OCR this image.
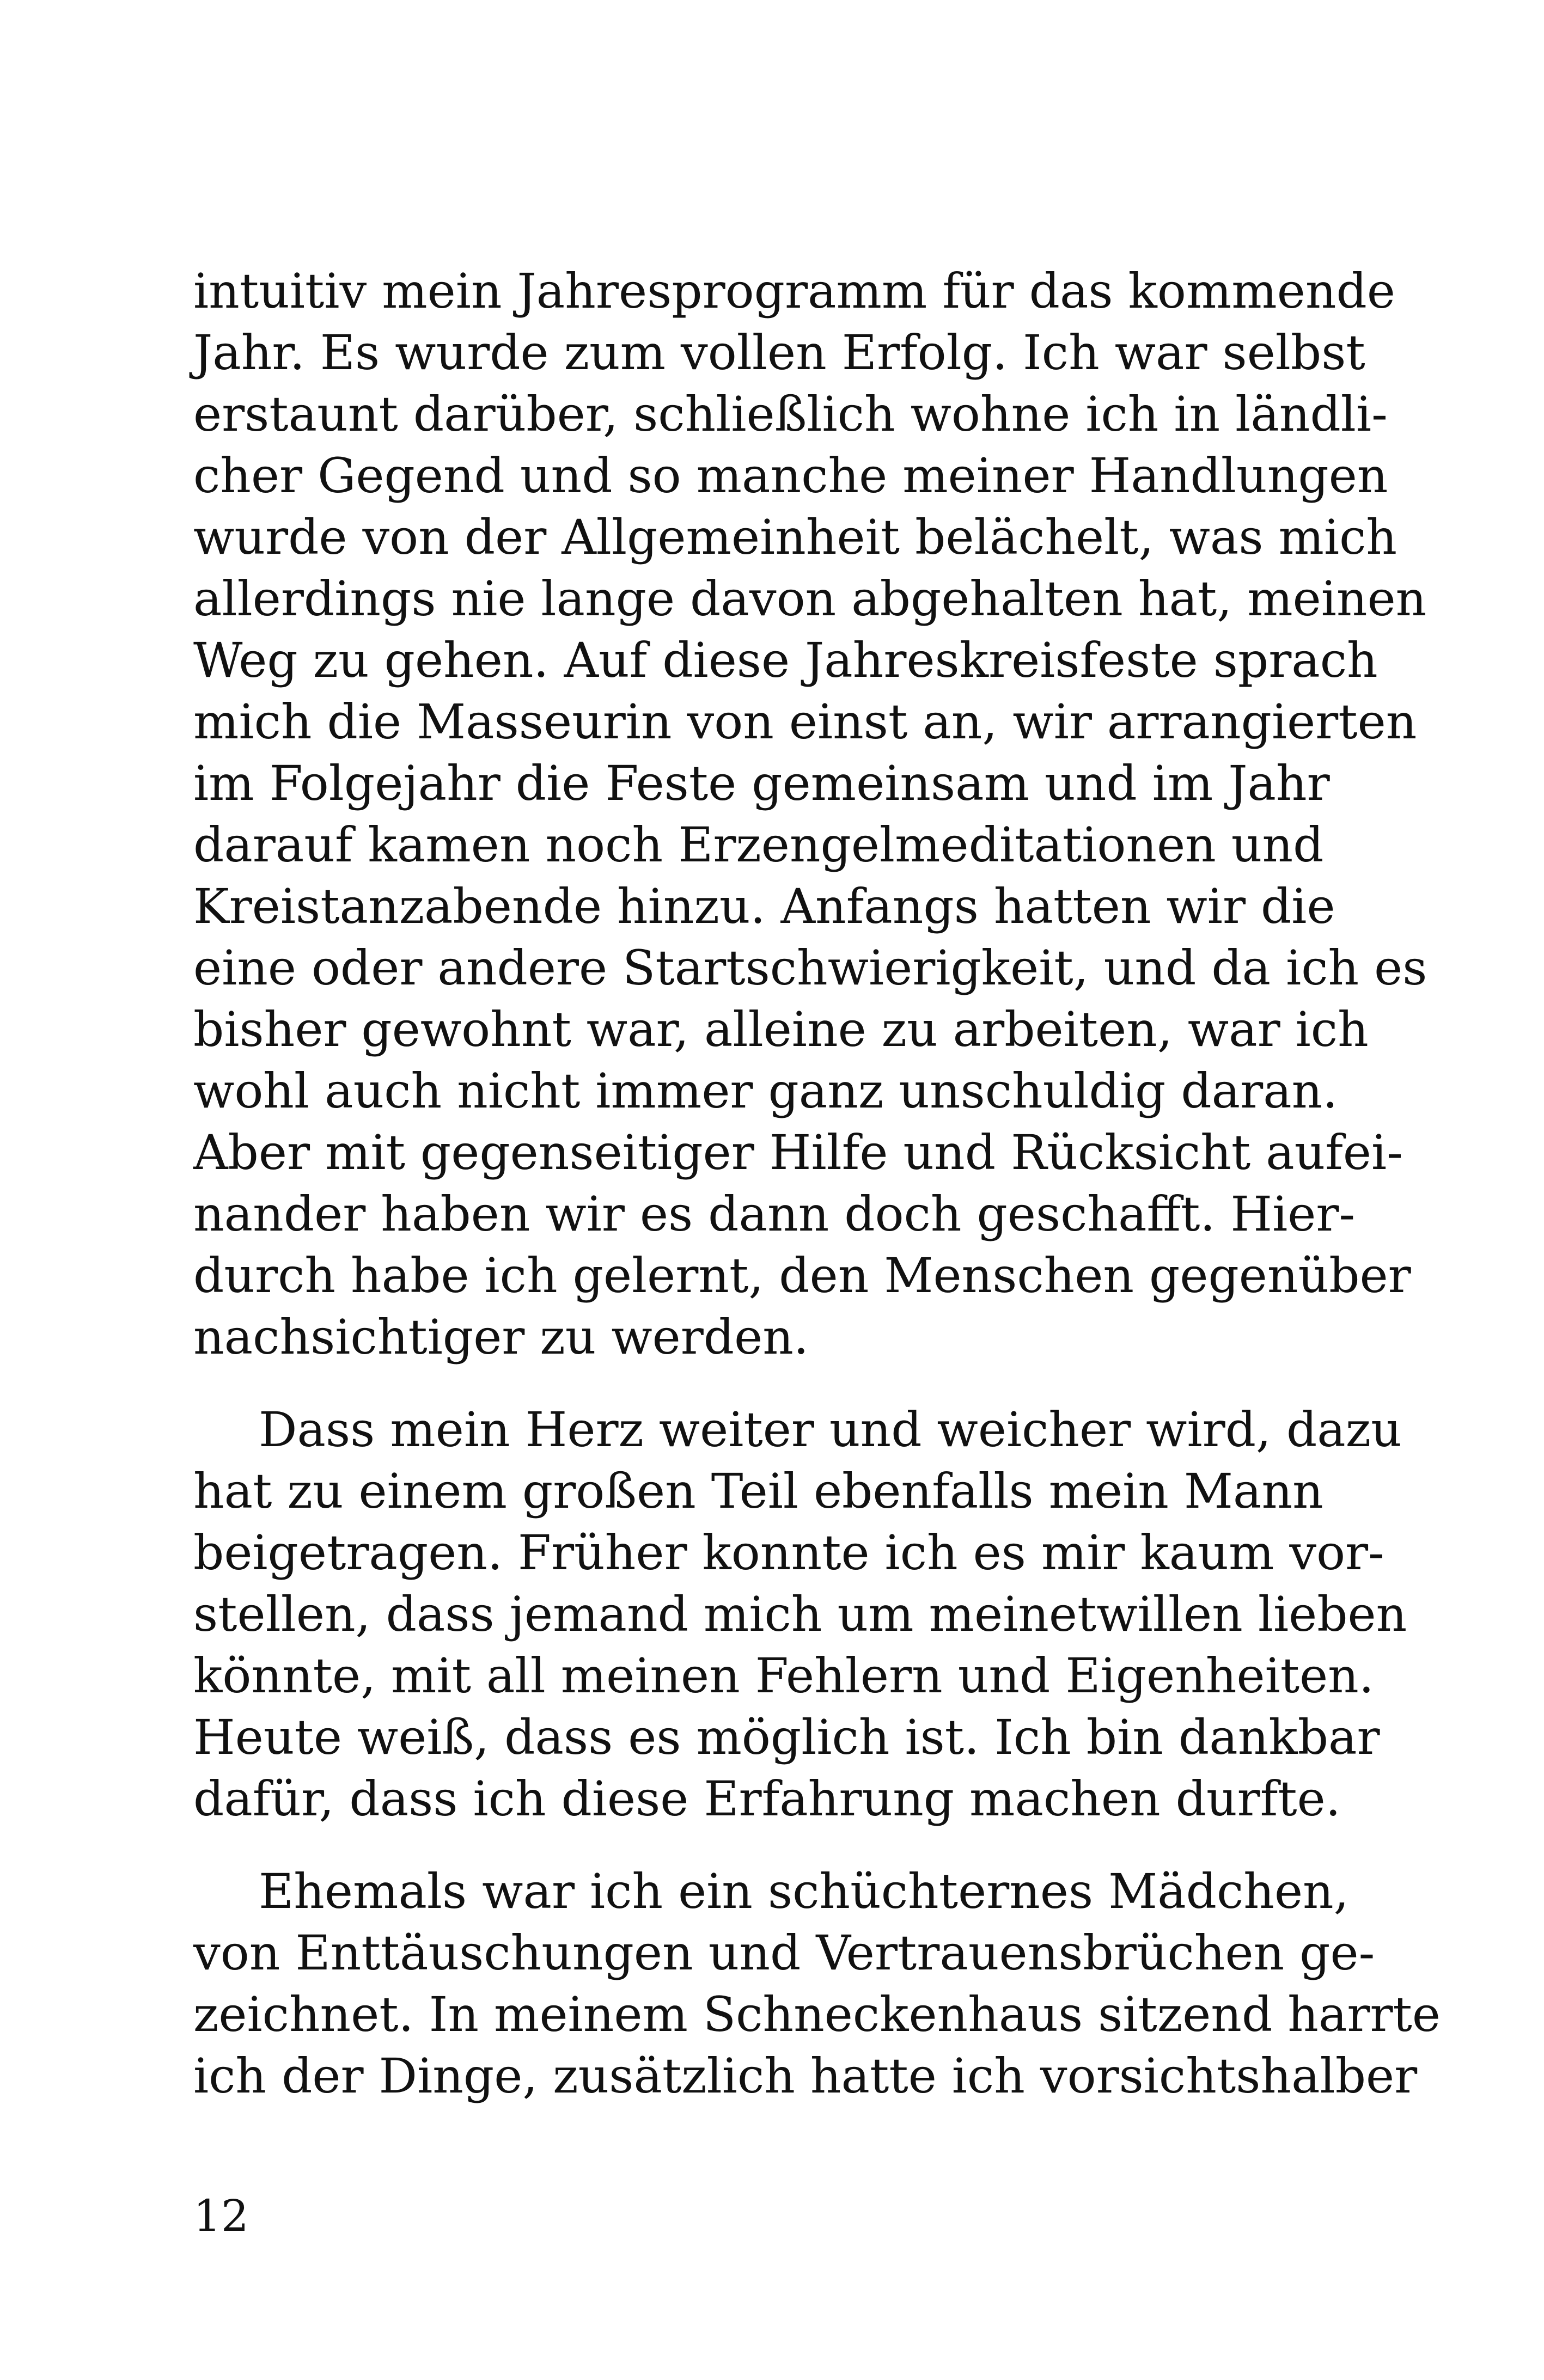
intuitiv mein Jahresprogramm für das kommende
Jahr. Es wurde zum vollen Erfolg. Ich war selbst
erstaunt darüber, schließlich wohne ich in ländli-
cher Gegend und so manche meiner Handlungen
wurde von der Allgemeinheit belächelt, was mich
allerdings nie lange davon abgehalten hat, meinen
Weg zu gehen. Auf diese Jahreskreisfeste sprach
mich die Masseurin von einst an, wir arrangierten
im Folgejahr die Feste gemeinsam und im Jahr
darauf kamen noch Erzengelmeditationen und
Kreistanzabende hinzu. Anfangs hatten wir die
eine oder andere Startschwierigkeit, und da ich es
bisher gewohnt war, alleine zu arbeiten, war ich
wohl auch nicht immer ganz unschuldig daran.
Aber mit gegenseitiger Hilfe und Rücksicht aufei-
nander haben wir es dann doch geschafft. Hier-
durch habe ich gelernt, den Menschen gegenüber
nachsichtiger zu werden.
Dass mein Herz weiter und weicher wird, dazu
hat zu einem großen Teil ebenfalls mein Mann
beigetragen. Früher konnte ich es mir kaum vor-
stellen, dass jemand mich um meinetwillen lieben
könnte, mit all meinen Fehlern und Eigenheiten.
Heute weiß, dass es möglich ist. Ich bin dankbar
dafür, dass ich diese Erfahrung machen durfte.
Ehemals war ich ein schüchternes Mädchen,
von Enttäuschungen und Vertrauensbrüchen ge-
zeichnet. In meinem Schneckenhaus sitzend harrte
ich der Dinge, zusätzlich hatte ich vorsichtshalber
12
